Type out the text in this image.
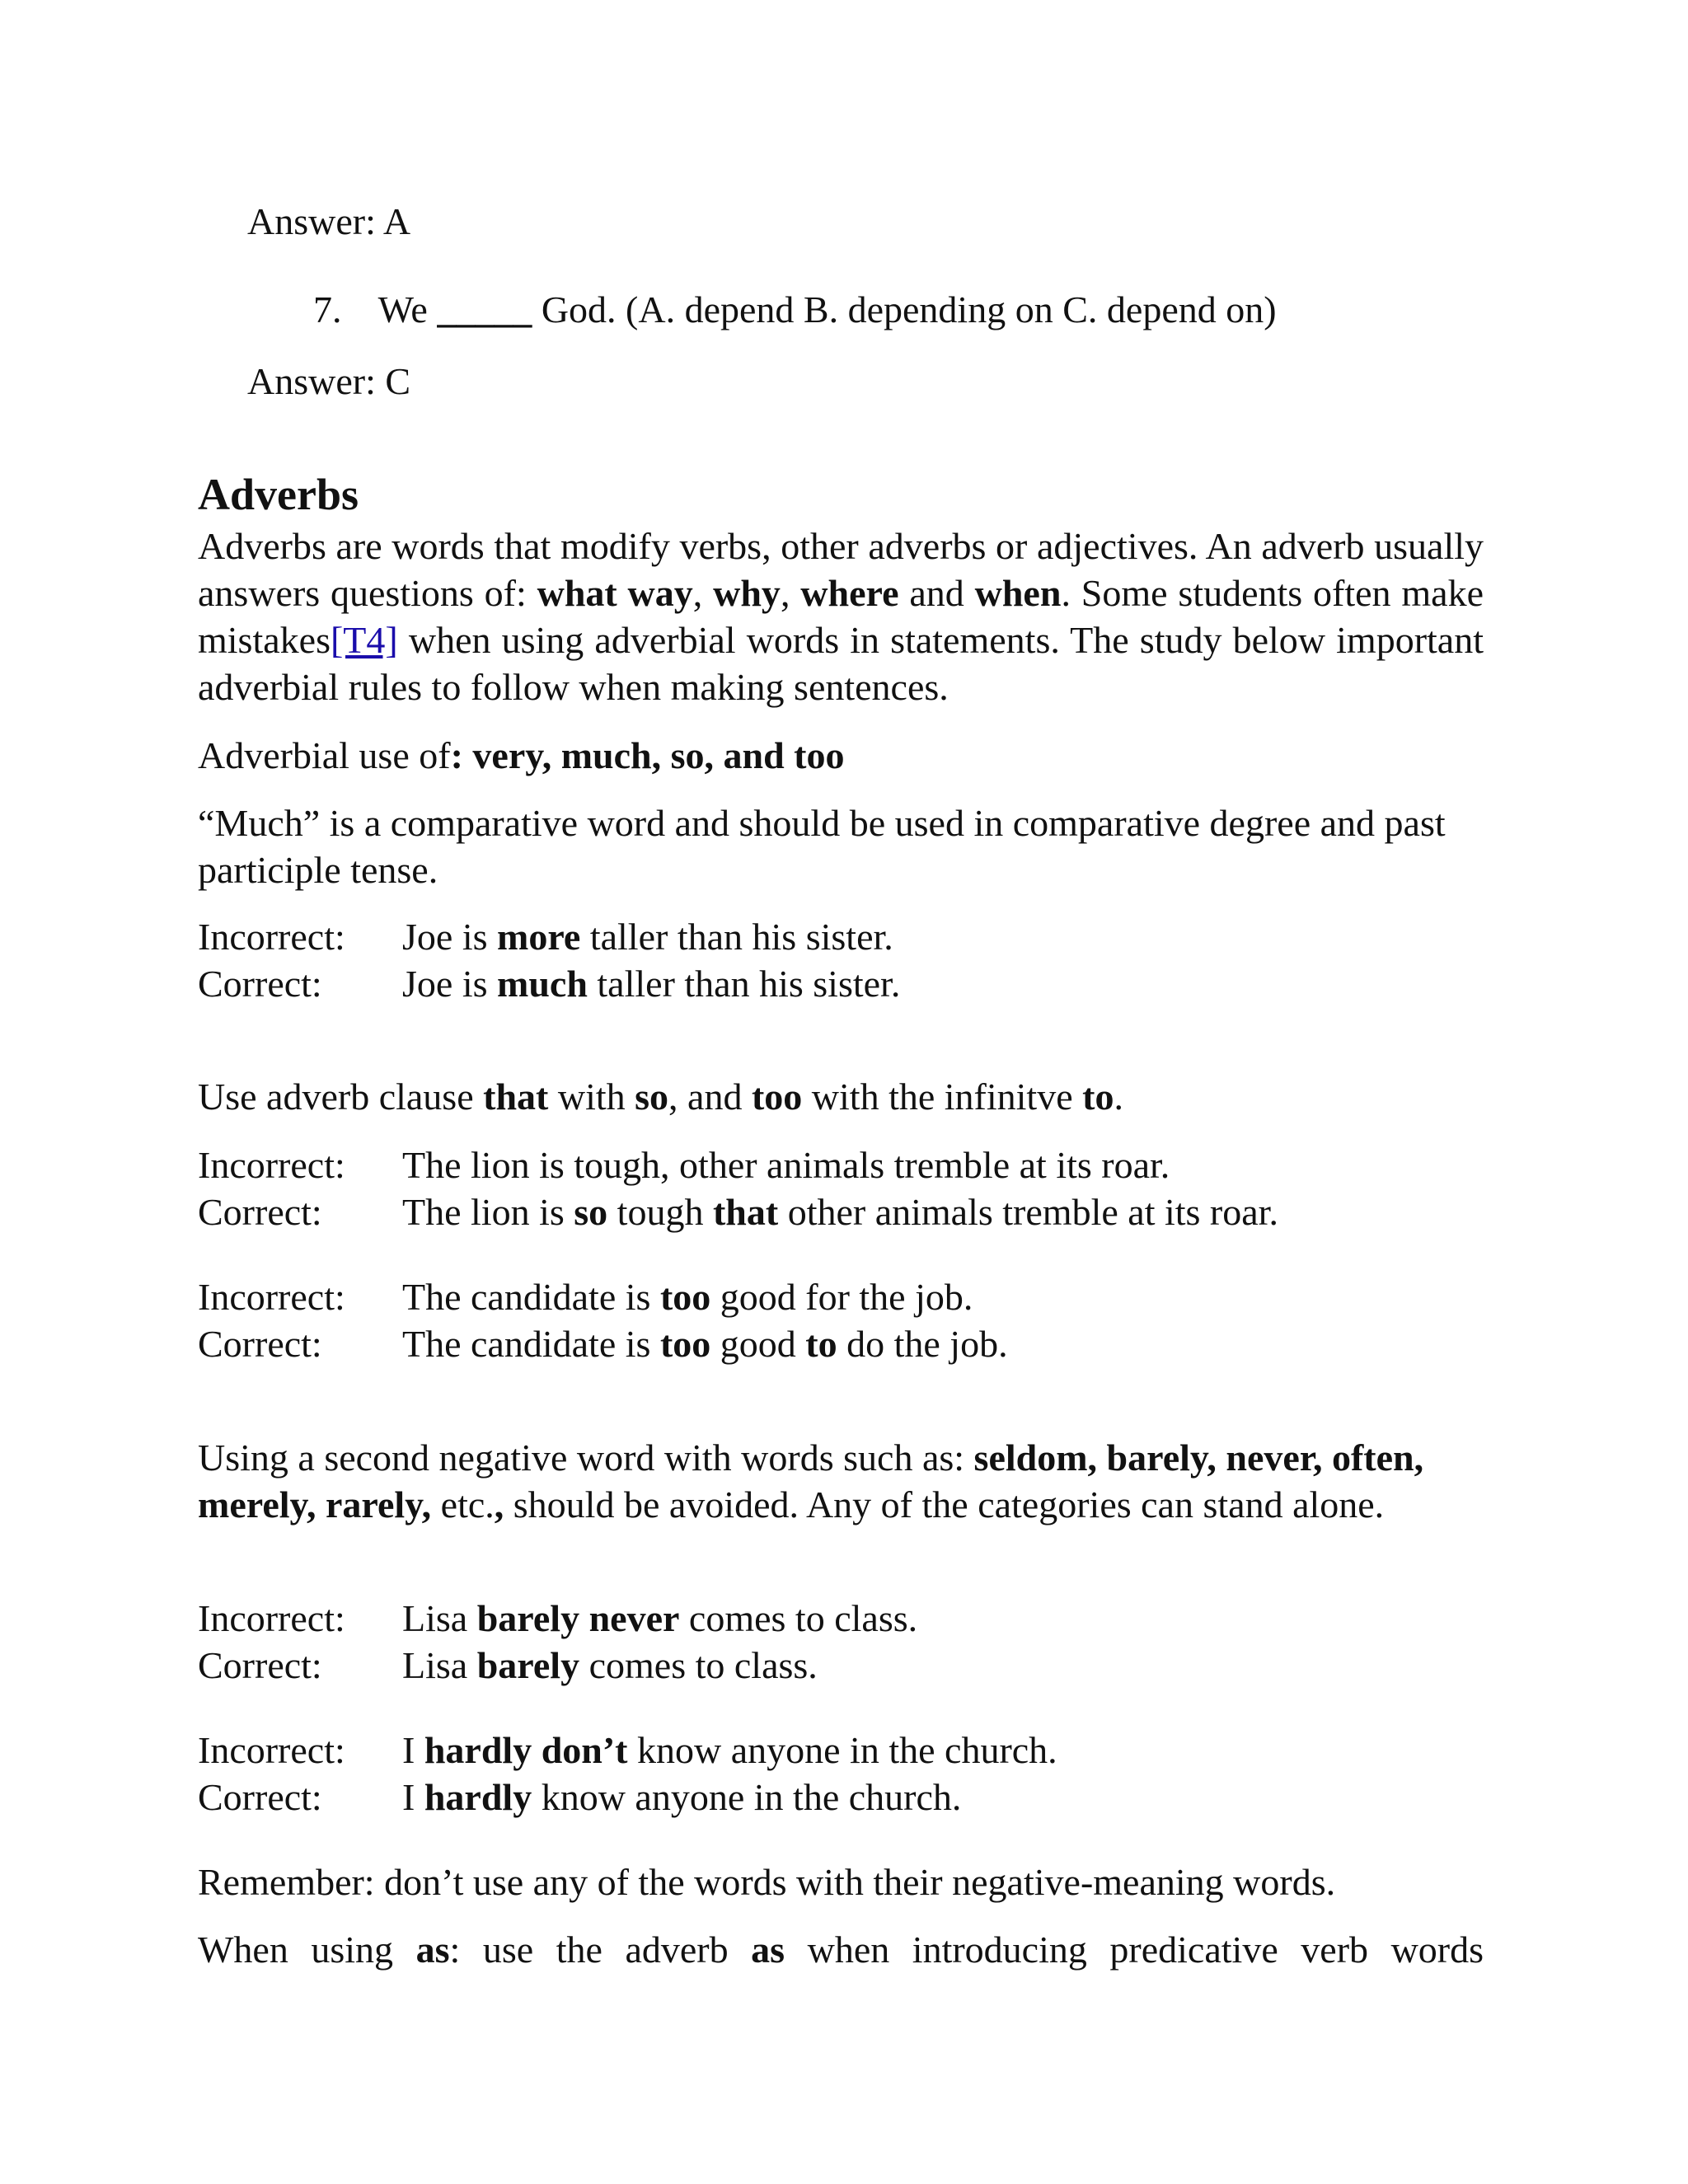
Answer: A
7. We _____ God. (A. depend B. depending on C. depend on)
Answer: C
Adverbs
Adverbs are words that modify verbs, other adverbs or adjectives. An adverb usually answers questions of: what way, why, where and when. Some students often make mistakes[T4] when using adverbial words in statements. The study below important adverbial rules to follow when making sentences.
Adverbial use of: very, much, so, and too
“Much” is a comparative word and should be used in comparative degree and past participle tense.
Incorrect: Joe is more taller than his sister.
Correct: Joe is much taller than his sister.
Use adverb clause that with so, and too with the infinitve to.
Incorrect: The lion is tough, other animals tremble at its roar.
Correct: The lion is so tough that other animals tremble at its roar.
Incorrect: The candidate is too good for the job.
Correct: The candidate is too good to do the job.
Using a second negative word with words such as: seldom, barely, never, often, merely, rarely, etc., should be avoided. Any of the categories can stand alone.
Incorrect: Lisa barely never comes to class.
Correct: Lisa barely comes to class.
Incorrect: I hardly don’t know anyone in the church.
Correct: I hardly know anyone in the church.
Remember: don’t use any of the words with their negative-meaning words.
When using as: use the adverb as when introducing predicative verb words
